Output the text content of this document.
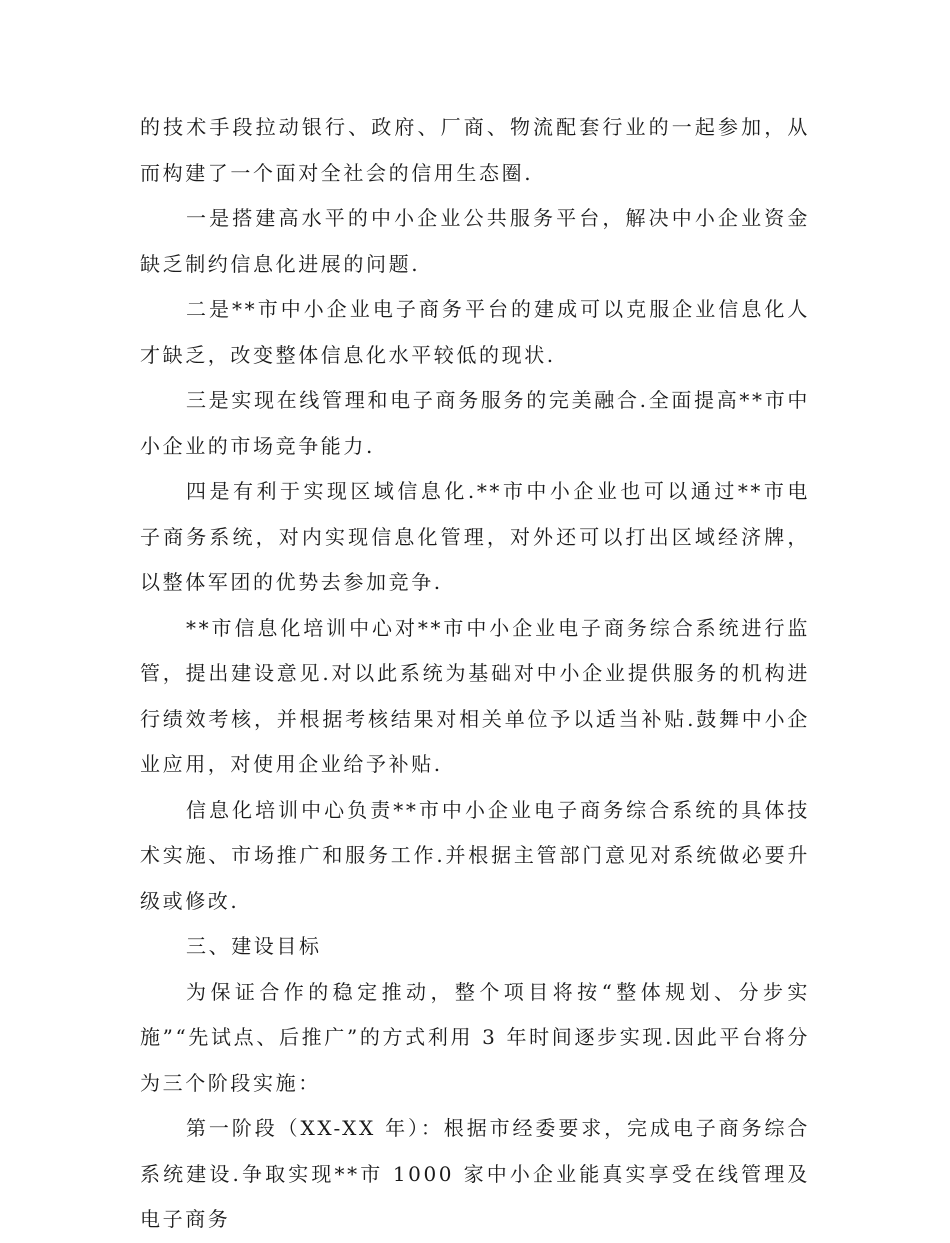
的技术手段拉动银行、政府、厂商、物流配套行业的一起参加，从而构建了一个面对全社会的信用生态圈.

一是搭建高水平的中小企业公共服务平台，解决中小企业资金缺乏制约信息化进展的问题.

二是**市中小企业电子商务平台的建成可以克服企业信息化人才缺乏，改变整体信息化水平较低的现状.

三是实现在线管理和电子商务服务的完美融合.全面提高**市中小企业的市场竞争能力.

四是有利于实现区域信息化.**市中小企业也可以通过**市电子商务系统，对内实现信息化管理，对外还可以打出区域经济牌，以整体军团的优势去参加竞争.

**市信息化培训中心对**市中小企业电子商务综合系统进行监管，提出建设意见.对以此系统为基础对中小企业提供服务的机构进行绩效考核，并根据考核结果对相关单位予以适当补贴.鼓舞中小企业应用，对使用企业给予补贴.

信息化培训中心负责**市中小企业电子商务综合系统的具体技术实施、市场推广和服务工作.并根据主管部门意见对系统做必要升级或修改.

三、建设目标

为保证合作的稳定推动，整个项目将按“整体规划、分步实施”“先试点、后推广”的方式利用 3 年时间逐步实现.因此平台将分为三个阶段实施：

第一阶段（XX-XX 年）：根据市经委要求，完成电子商务综合系统建设.争取实现**市 1000 家中小企业能真实享受在线管理及电子商务
